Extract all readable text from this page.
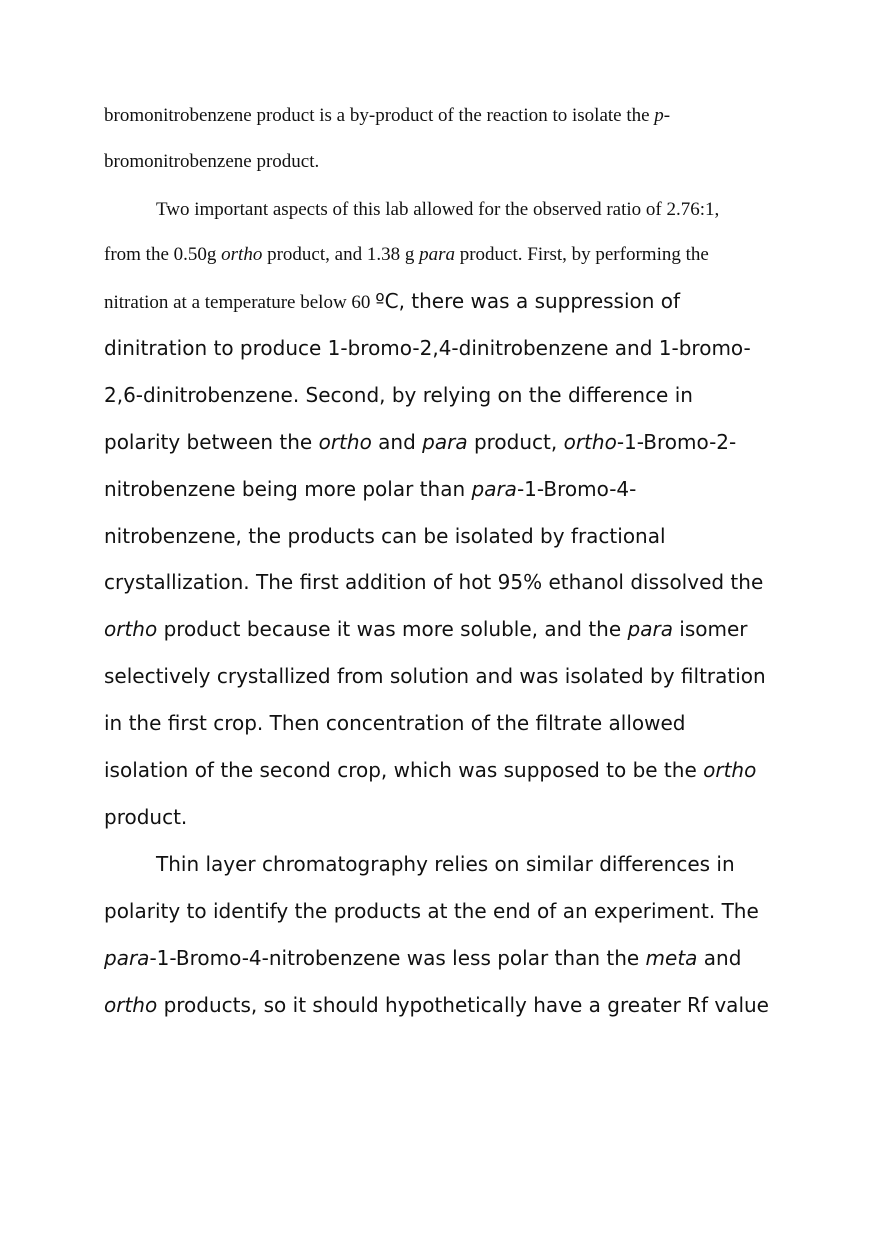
bromonitrobenzene product is a by-product of the reaction to isolate the p-
bromonitrobenzene product.
Two important aspects of this lab allowed for the observed ratio of 2.76:1,
from the 0.50g ortho product, and 1.38 g para product. First, by performing the
nitration at a temperature below 60 ºC, there was a suppression of
dinitration to produce 1-bromo-2,4-dinitrobenzene and 1-bromo-
2,6-dinitrobenzene. Second, by relying on the difference in
polarity between the ortho and para product, ortho-1-Bromo-2-
nitrobenzene being more polar than para-1-Bromo-4-
nitrobenzene, the products can be isolated by fractional
crystallization. The first addition of hot 95% ethanol dissolved the
ortho product because it was more soluble, and the para isomer
selectively crystallized from solution and was isolated by filtration
in the first crop. Then concentration of the filtrate allowed
isolation of the second crop, which was supposed to be the ortho
product.
Thin layer chromatography relies on similar differences in
polarity to identify the products at the end of an experiment. The
para-1-Bromo-4-nitrobenzene was less polar than the meta and
ortho products, so it should hypothetically have a greater Rf value
